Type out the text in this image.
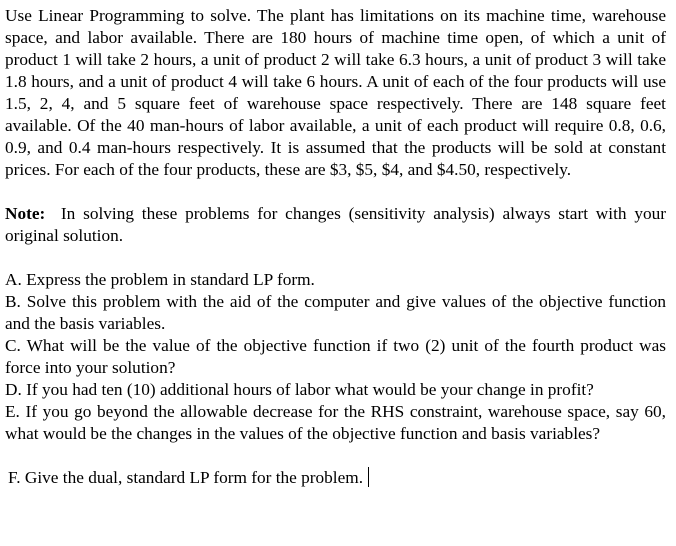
Use Linear Programming to solve. The plant has limitations on its machine time, warehouse space, and labor available. There are 180 hours of machine time open, of which a unit of product 1 will take 2 hours, a unit of product 2 will take 6.3 hours, a unit of product 3 will take 1.8 hours, and a unit of product 4 will take 6 hours. A unit of each of the four products will use 1.5, 2, 4, and 5 square feet of warehouse space respectively. There are 148 square feet available. Of the 40 man-hours of labor available, a unit of each product will require 0.8, 0.6, 0.9, and 0.4 man-hours respectively. It is assumed that the products will be sold at constant prices. For each of the four products, these are $3, $5, $4, and $4.50, respectively.

Note: In solving these problems for changes (sensitivity analysis) always start with your original solution.

A. Express the problem in standard LP form.

B. Solve this problem with the aid of the computer and give values of the objective function and the basis variables.

C. What will be the value of the objective function if two (2) unit of the fourth product was force into your solution?

D. If you had ten (10) additional hours of labor what would be your change in profit?

E. If you go beyond the allowable decrease for the RHS constraint, warehouse space, say 60, what would be the changes in the values of the objective function and basis variables?

F. Give the dual, standard LP form for the problem.
